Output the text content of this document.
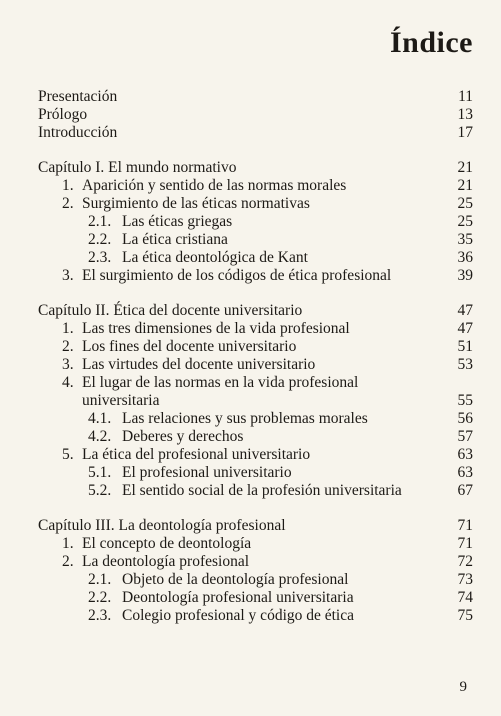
Índice
Presentación	11
Prólogo	13
Introducción	17
Capítulo I. El mundo normativo	21
1. Aparición y sentido de las normas morales	21
2. Surgimiento de las éticas normativas	25
2.1. Las éticas griegas	25
2.2. La ética cristiana	35
2.3. La ética deontológica de Kant	36
3. El surgimiento de los códigos de ética profesional	39
Capítulo II. Ética del docente universitario	47
1. Las tres dimensiones de la vida profesional	47
2. Los fines del docente universitario	51
3. Las virtudes del docente universitario	53
4. El lugar de las normas en la vida profesional universitaria	55
4.1. Las relaciones y sus problemas morales	56
4.2. Deberes y derechos	57
5. La ética del profesional universitario	63
5.1. El profesional universitario	63
5.2. El sentido social de la profesión universitaria	67
Capítulo III. La deontología profesional	71
1. El concepto de deontología	71
2. La deontología profesional	72
2.1. Objeto de la deontología profesional	73
2.2. Deontología profesional universitaria	74
2.3. Colegio profesional y código de ética	75
9
